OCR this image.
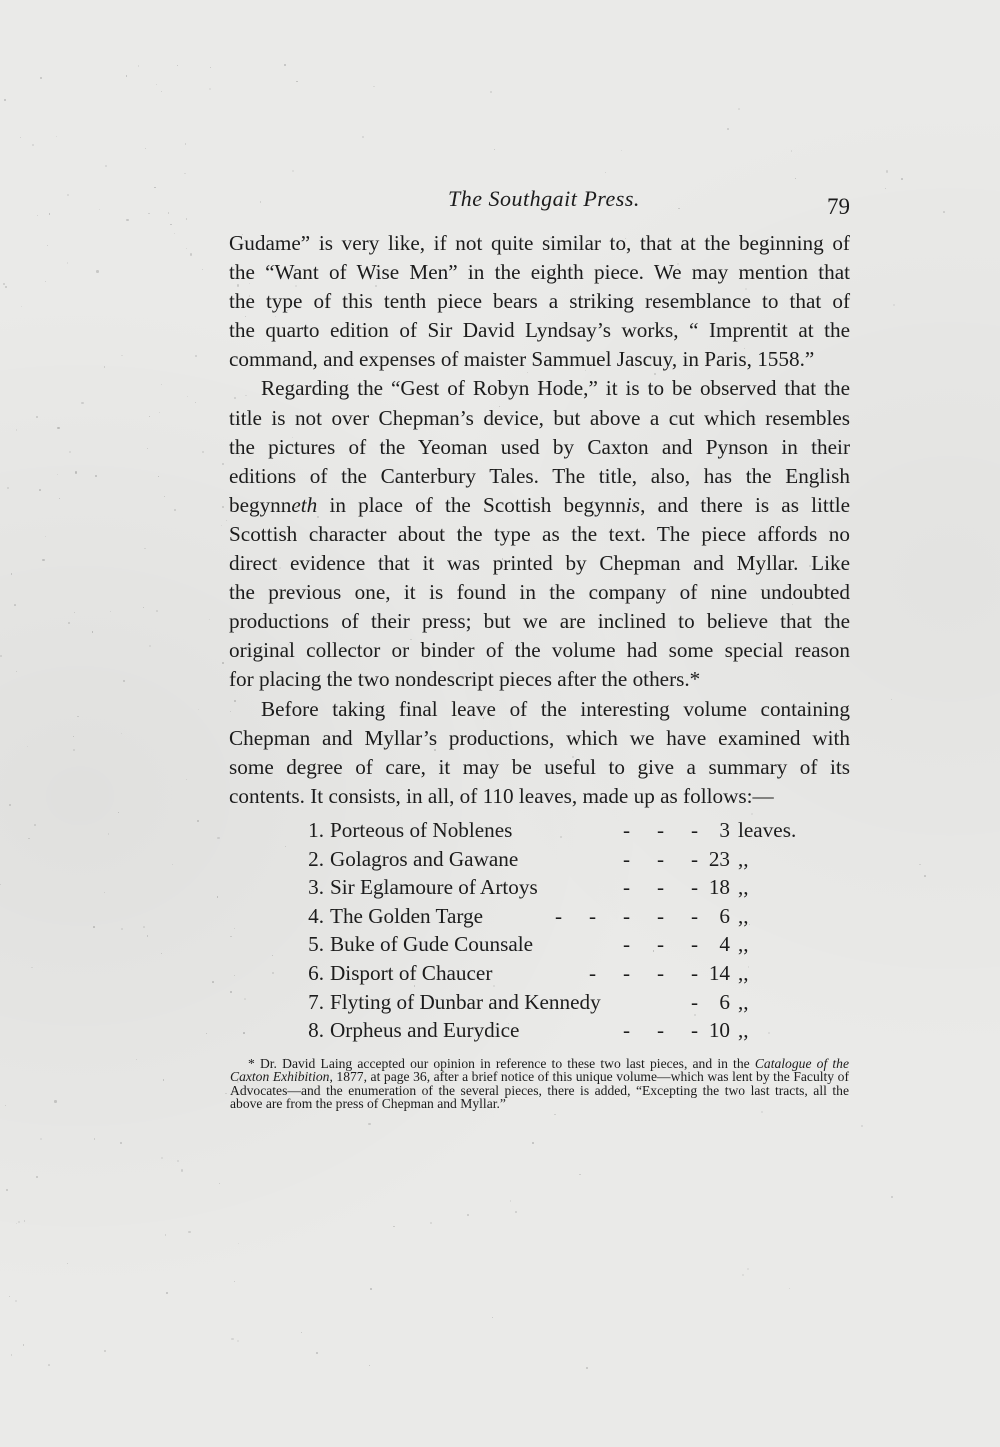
The Southgait Press.	79
Gudame” is very like, if not quite similar to, that at the beginning of
the “Want of Wise Men” in the eighth piece. We may mention that
the type of this tenth piece bears a striking resemblance to that of
the quarto edition of Sir David Lyndsay’s works, “ Imprentit at the
command, and expenses of maister Sammuel Jascuy, in Paris, 1558.”
Regarding the “Gest of Robyn Hode,” it is to be observed that the
title is not over Chepman’s device, but above a cut which resembles
the pictures of the Yeoman used by Caxton and Pynson in their
editions of the Canterbury Tales. The title, also, has the English
begynneth in place of the Scottish begynnis, and there is as little
Scottish character about the type as the text. The piece affords no
direct evidence that it was printed by Chepman and Myllar. Like
the previous one, it is found in the company of nine undoubted
productions of their press; but we are inclined to believe that the
original collector or binder of the volume had some special reason
for placing the two nondescript pieces after the others.*
Before taking final leave of the interesting volume containing
Chepman and Myllar’s productions, which we have examined with
some degree of care, it may be useful to give a summary of its
contents. It consists, in all, of 110 leaves, made up as follows:—
1. Porteous of Noblenes	- - -	3 leaves.
2. Golagros and Gawane	- - - 23 ,,
3. Sir Eglamoure of Artoys	- - - 18 ,,
4. The Golden Targe	- - - - -	6 ,,
5. Buke of Gude Counsale	- - -	4 ,,
6. Disport of Chaucer	- - - - 14 ,,
7. Flyting of Dunbar and Kennedy	-	6 ,,
8. Orpheus and Eurydice	- - - 10 ,,

* Dr. David Laing accepted our opinion in reference to these two last pieces, and in the Catalogue of the Caxton Exhibition, 1877, at page 36, after a brief notice of this unique volume—which was lent by the Faculty of Advocates—and the enumeration of the several pieces, there is added, “Excepting the two last tracts, all the above are from the press of Chepman and Myllar.”
